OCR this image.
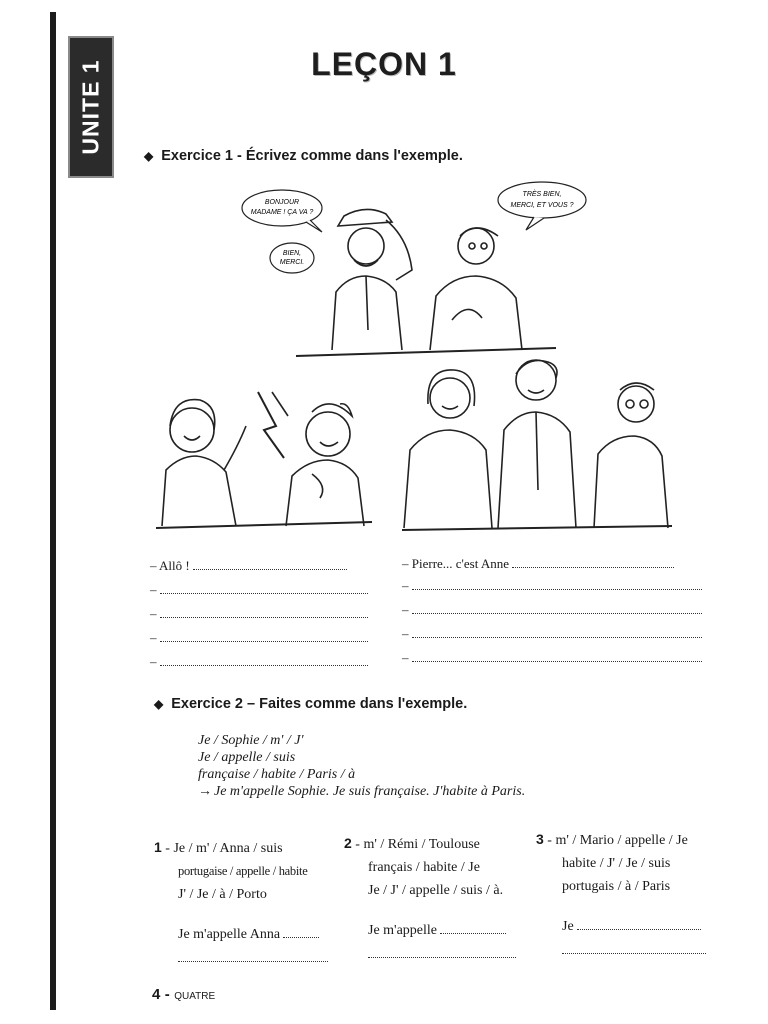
UNITE 1	LEÇON 1
◆ Exercice 1 - Écrivez comme dans l'exemple.
BONJOUR
MADAME ! ÇA VA ?
BIEN,
MERCI.
TRÈS BIEN,
MERCI, ET VOUS ?
– Allô !
–
–
–
–
– Pierre... c'est Anne
–
–
–
–
◆ Exercice 2 – Faites comme dans l'exemple.
Je / Sophie / m' / J'
Je / appelle / suis
française / habite / Paris / à
→ Je m'appelle Sophie. Je suis française. J'habite à Paris.
1 - Je / m' / Anna / suis
portugaise / appelle / habite
J' / Je / à / Porto
2 - m' / Rémi / Toulouse
français / habite / Je
Je / J' / appelle / suis / à.
3 - m' / Mario / appelle / Je
habite / J' / Je / suis
portugais / à / Paris
Je m'appelle Anna	Je m'appelle	Je
4 - QUATRE
